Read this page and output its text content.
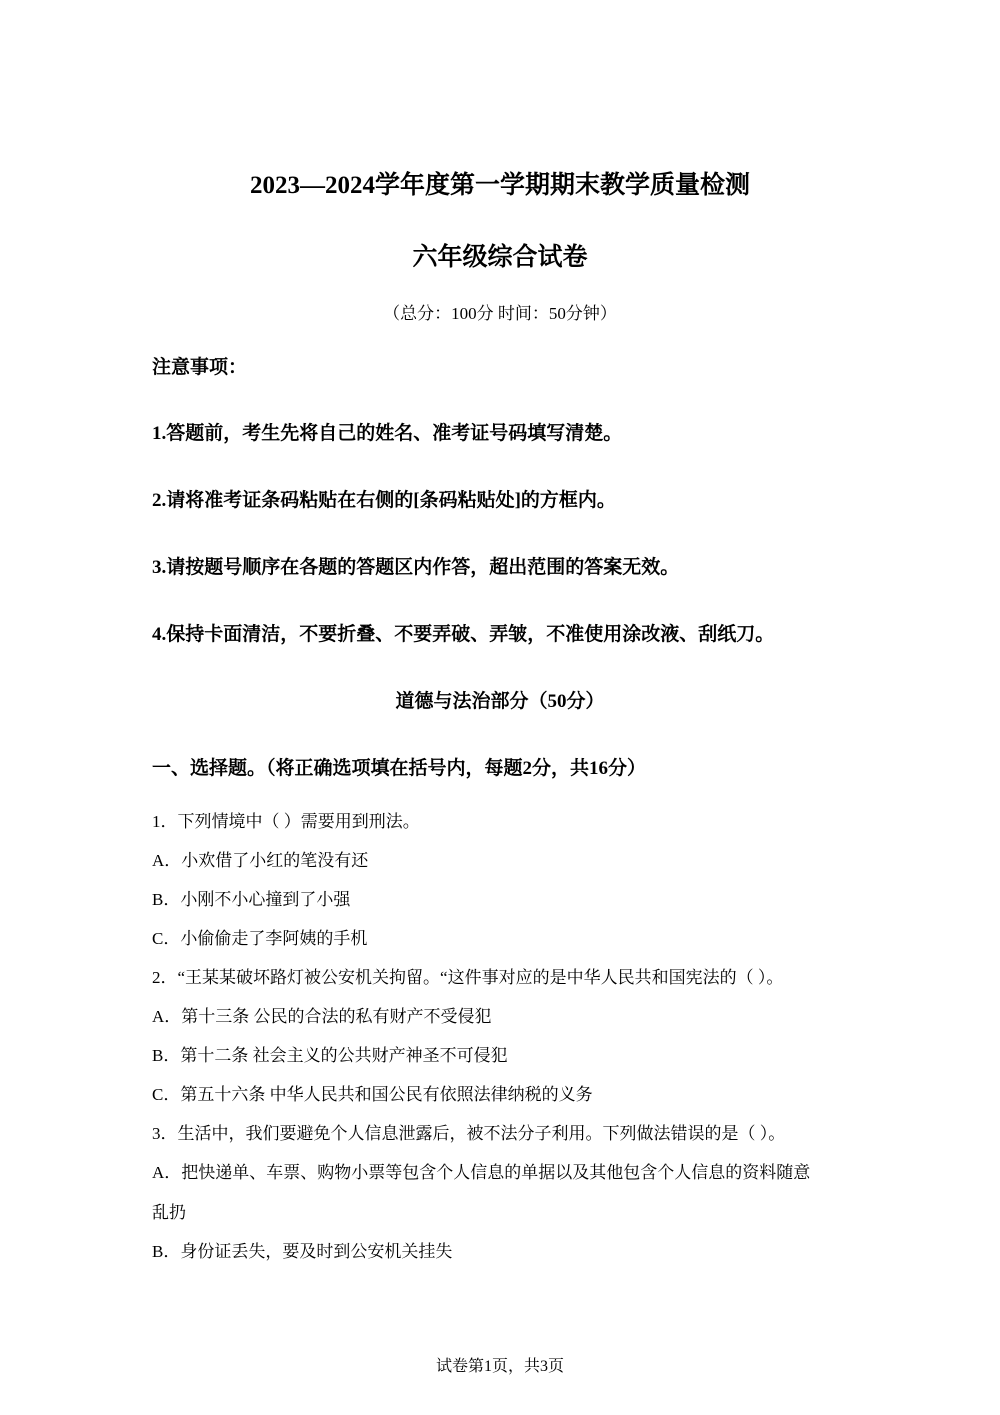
2023—2024学年度第一学期期末教学质量检测
六年级综合试卷
（总分：100分 时间：50分钟）
注意事项：
1.答题前，考生先将自己的姓名、准考证号码填写清楚。
2.请将准考证条码粘贴在右侧的[条码粘贴处]的方框内。
3.请按题号顺序在各题的答题区内作答，超出范围的答案无效。
4.保持卡面清洁，不要折叠、不要弄破、弄皱，不准使用涂改液、刮纸刀。
道德与法治部分（50分）
一、选择题。（将正确选项填在括号内，每题2分，共16分）
1．下列情境中（ ）需要用到刑法。
A．小欢借了小红的笔没有还
B．小刚不小心撞到了小强
C．小偷偷走了李阿姨的手机
2．“王某某破坏路灯被公安机关拘留。“这件事对应的是中华人民共和国宪法的（ ）。
A．第十三条 公民的合法的私有财产不受侵犯
B．第十二条 社会主义的公共财产神圣不可侵犯
C．第五十六条 中华人民共和国公民有依照法律纳税的义务
3．生活中，我们要避免个人信息泄露后，被不法分子利用。下列做法错误的是（ ）。
A．把快递单、车票、购物小票等包含个人信息的单据以及其他包含个人信息的资料随意
乱扔
B．身份证丢失，要及时到公安机关挂失
试卷第1页，共3页
